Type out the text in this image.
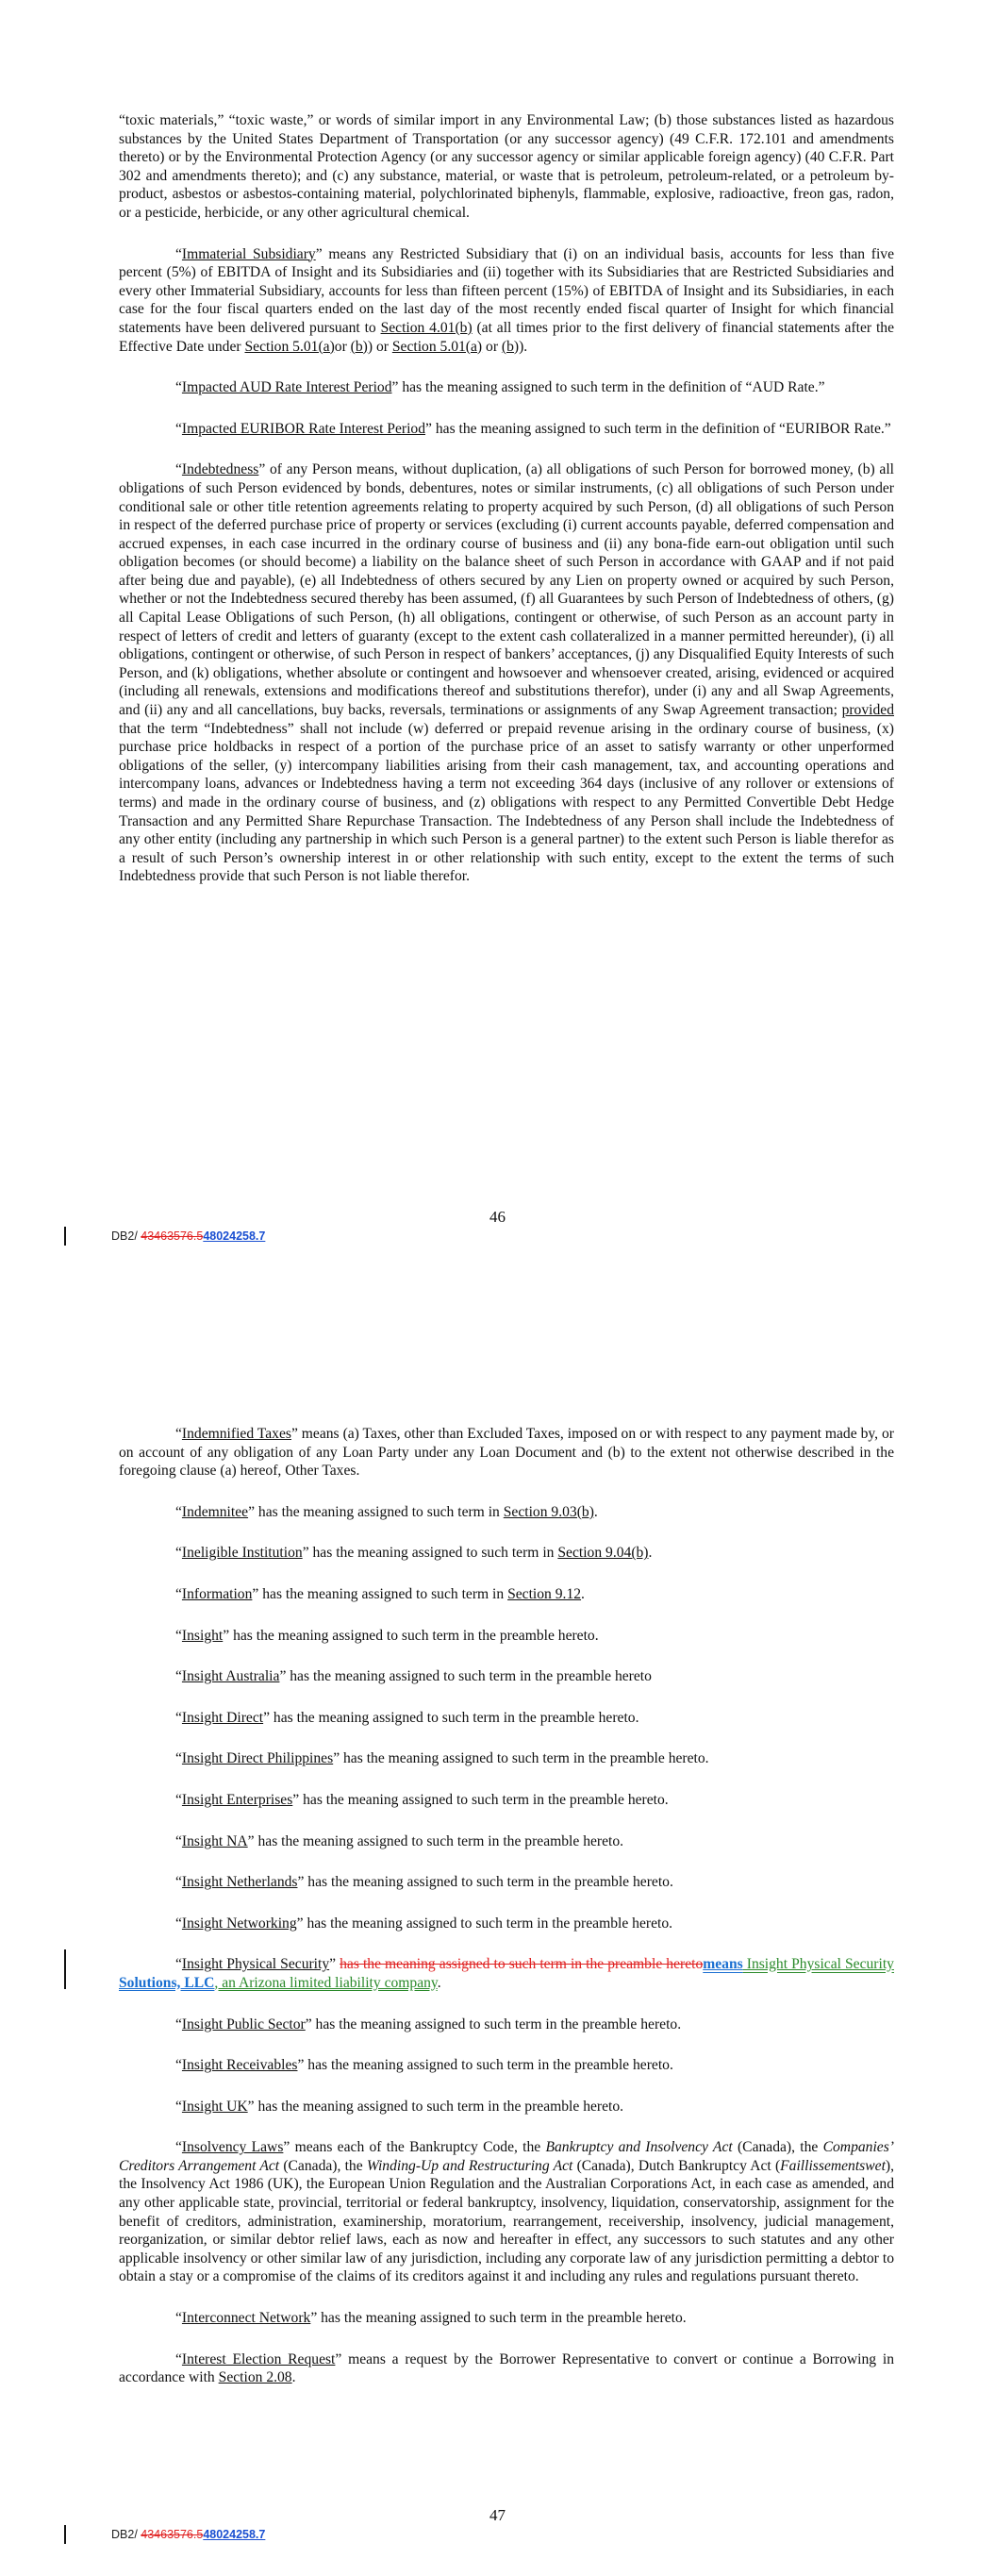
“toxic materials,” “toxic waste,” or words of similar import in any Environmental Law; (b) those substances listed as hazardous substances by the United States Department of Transportation (or any successor agency) (49 C.F.R. 172.101 and amendments thereto) or by the Environmental Protection Agency (or any successor agency or similar applicable foreign agency) (40 C.F.R. Part 302 and amendments thereto); and (c) any substance, material, or waste that is petroleum, petroleum-related, or a petroleum by-product, asbestos or asbestos-containing material, polychlorinated biphenyls, flammable, explosive, radioactive, freon gas, radon, or a pesticide, herbicide, or any other agricultural chemical.

“Immaterial Subsidiary” means any Restricted Subsidiary that (i) on an individual basis, accounts for less than five percent (5%) of EBITDA of Insight and its Subsidiaries and (ii) together with its Subsidiaries that are Restricted Subsidiaries and every other Immaterial Subsidiary, accounts for less than fifteen percent (15%) of EBITDA of Insight and its Subsidiaries, in each case for the four fiscal quarters ended on the last day of the most recently ended fiscal quarter of Insight for which financial statements have been delivered pursuant to Section 4.01(b) (at all times prior to the first delivery of financial statements after the Effective Date under Section 5.01(a)or (b)) or Section 5.01(a) or (b)).

“Impacted AUD Rate Interest Period” has the meaning assigned to such term in the definition of “AUD Rate.”

“Impacted EURIBOR Rate Interest Period” has the meaning assigned to such term in the definition of “EURIBOR Rate.”

“Indebtedness” of any Person means, without duplication, (a) all obligations of such Person for borrowed money, (b) all obligations of such Person evidenced by bonds, debentures, notes or similar instruments, (c) all obligations of such Person under conditional sale or other title retention agreements relating to property acquired by such Person, (d) all obligations of such Person in respect of the deferred purchase price of property or services (excluding (i) current accounts payable, deferred compensation and accrued expenses, in each case incurred in the ordinary course of business and (ii) any bona-fide earn-out obligation until such obligation becomes (or should become) a liability on the balance sheet of such Person in accordance with GAAP and if not paid after being due and payable), (e) all Indebtedness of others secured by any Lien on property owned or acquired by such Person, whether or not the Indebtedness secured thereby has been assumed, (f) all Guarantees by such Person of Indebtedness of others, (g) all Capital Lease Obligations of such Person, (h) all obligations, contingent or otherwise, of such Person as an account party in respect of letters of credit and letters of guaranty (except to the extent cash collateralized in a manner permitted hereunder), (i) all obligations, contingent or otherwise, of such Person in respect of bankers’ acceptances, (j) any Disqualified Equity Interests of such Person, and (k) obligations, whether absolute or contingent and howsoever and whensoever created, arising, evidenced or acquired (including all renewals, extensions and modifications thereof and substitutions therefor), under (i) any and all Swap Agreements, and (ii) any and all cancellations, buy backs, reversals, terminations or assignments of any Swap Agreement transaction; provided that the term “Indebtedness” shall not include (w) deferred or prepaid revenue arising in the ordinary course of business, (x) purchase price holdbacks in respect of a portion of the purchase price of an asset to satisfy warranty or other unperformed obligations of the seller, (y) intercompany liabilities arising from their cash management, tax, and accounting operations and intercompany loans, advances or Indebtedness having a term not exceeding 364 days (inclusive of any rollover or extensions of terms) and made in the ordinary course of business, and (z) obligations with respect to any Permitted Convertible Debt Hedge Transaction and any Permitted Share Repurchase Transaction. The Indebtedness of any Person shall include the Indebtedness of any other entity (including any partnership in which such Person is a general partner) to the extent such Person is liable therefor as a result of such Person’s ownership interest in or other relationship with such entity, except to the extent the terms of such Indebtedness provide that such Person is not liable therefor.

46
DB2/ 43463576.548024258.7

“Indemnified Taxes” means (a) Taxes, other than Excluded Taxes, imposed on or with respect to any payment made by, or on account of any obligation of any Loan Party under any Loan Document and (b) to the extent not otherwise described in the foregoing clause (a) hereof, Other Taxes.

“Indemnitee” has the meaning assigned to such term in Section 9.03(b).

“Ineligible Institution” has the meaning assigned to such term in Section 9.04(b).

“Information” has the meaning assigned to such term in Section 9.12.

“Insight” has the meaning assigned to such term in the preamble hereto.

“Insight Australia” has the meaning assigned to such term in the preamble hereto

“Insight Direct” has the meaning assigned to such term in the preamble hereto.

“Insight Direct Philippines” has the meaning assigned to such term in the preamble hereto.

“Insight Enterprises” has the meaning assigned to such term in the preamble hereto.

“Insight NA” has the meaning assigned to such term in the preamble hereto.

“Insight Netherlands” has the meaning assigned to such term in the preamble hereto.

“Insight Networking” has the meaning assigned to such term in the preamble hereto.

“Insight Physical Security” has the meaning assigned to such term in the preamble heretomeans Insight Physical Security Solutions, LLC, an Arizona limited liability company.

“Insight Public Sector” has the meaning assigned to such term in the preamble hereto.

“Insight Receivables” has the meaning assigned to such term in the preamble hereto.

“Insight UK” has the meaning assigned to such term in the preamble hereto.

“Insolvency Laws” means each of the Bankruptcy Code, the Bankruptcy and Insolvency Act (Canada), the Companies’ Creditors Arrangement Act (Canada), the Winding-Up and Restructuring Act (Canada), Dutch Bankruptcy Act (Faillissementswet), the Insolvency Act 1986 (UK), the European Union Regulation and the Australian Corporations Act, in each case as amended, and any other applicable state, provincial, territorial or federal bankruptcy, insolvency, liquidation, conservatorship, assignment for the benefit of creditors, administration, examinership, moratorium, rearrangement, receivership, insolvency, judicial management, reorganization, or similar debtor relief laws, each as now and hereafter in effect, any successors to such statutes and any other applicable insolvency or other similar law of any jurisdiction, including any corporate law of any jurisdiction permitting a debtor to obtain a stay or a compromise of the claims of its creditors against it and including any rules and regulations pursuant thereto.

“Interconnect Network” has the meaning assigned to such term in the preamble hereto.

“Interest Election Request” means a request by the Borrower Representative to convert or continue a Borrowing in accordance with Section 2.08.

47
DB2/ 43463576.548024258.7
